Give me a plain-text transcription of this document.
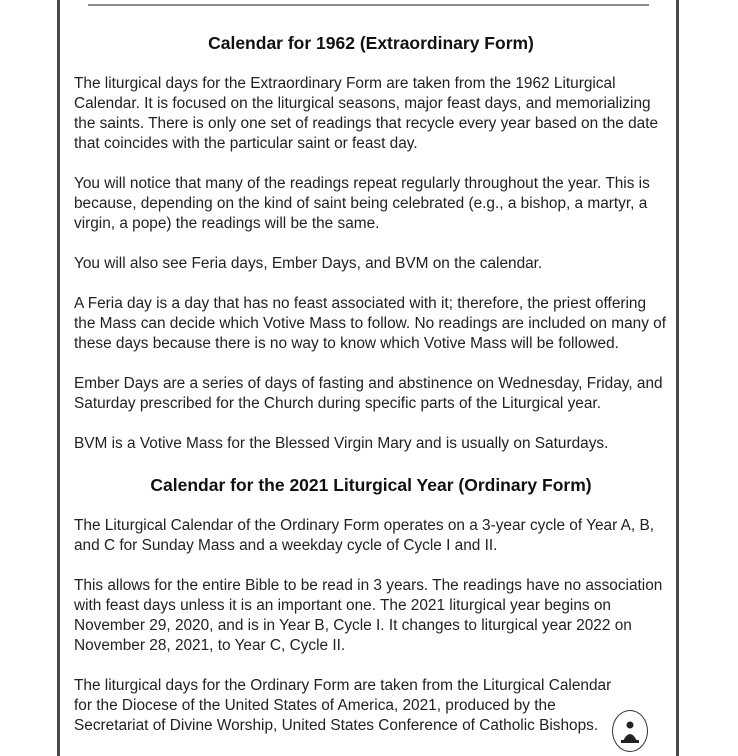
Calendar for 1962 (Extraordinary Form)

The liturgical days for the Extraordinary Form are taken from the 1962 Liturgical Calendar. It is focused on the liturgical seasons, major feast days, and memorializing the saints. There is only one set of readings that recycle every year based on the date that coincides with the particular saint or feast day.

You will notice that many of the readings repeat regularly throughout the year. This is because, depending on the kind of saint being celebrated (e.g., a bishop, a martyr, a virgin, a pope) the readings will be the same.

You will also see Feria days, Ember Days, and BVM on the calendar.

A Feria day is a day that has no feast associated with it; therefore, the priest offering the Mass can decide which Votive Mass to follow. No readings are included on many of these days because there is no way to know which Votive Mass will be followed.

Ember Days are a series of days of fasting and abstinence on Wednesday, Friday, and Saturday prescribed for the Church during specific parts of the Liturgical year.

BVM is a Votive Mass for the Blessed Virgin Mary and is usually on Saturdays.

Calendar for the 2021 Liturgical Year (Ordinary Form)

The Liturgical Calendar of the Ordinary Form operates on a 3-year cycle of Year A, B, and C for Sunday Mass and a weekday cycle of Cycle I and II.

This allows for the entire Bible to be read in 3 years. The readings have no association with feast days unless it is an important one. The 2021 liturgical year begins on November 29, 2020, and is in Year B, Cycle I. It changes to liturgical year 2022 on November 28, 2021, to Year C, Cycle II.

The liturgical days for the Ordinary Form are taken from the Liturgical Calendar for the Diocese of the United States of America, 2021, produced by the Secretariat of Divine Worship, United States Conference of Catholic Bishops.
